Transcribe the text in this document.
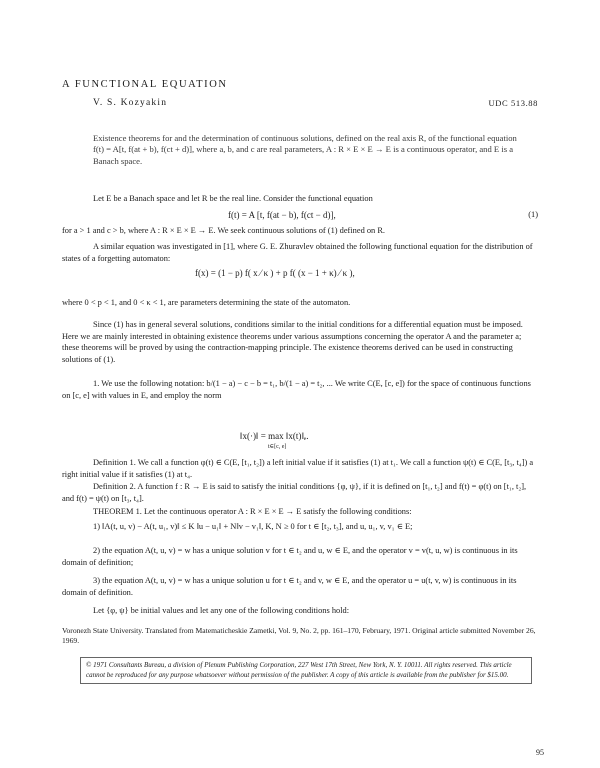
A FUNCTIONAL EQUATION
V. S. Kozyakin	UDC 513.88
Existence theorems for and the determination of continuous solutions, defined on the real axis R, of the functional equation f(t) = A[t, f(at + b), f(ct + d)], where a, b, and c are real parameters, A : R × E × E → E is a continuous operator, and E is a Banach space.
Let E be a Banach space and let R be the real line. Consider the functional equation
f(t) = A [t, f(at − b), f(ct − d)],	(1)
for a > 1 and c > b, where A : R × E × E → E. We seek continuous solutions of (1) defined on R.
A similar equation was investigated in [1], where G. E. Zhuravlev obtained the following functional equation for the distribution of states of a forgetting automaton:
f(x) = (1 − p) f( x ⁄ κ ) + p f( (x − 1 + κ) ⁄ κ ),
where 0 < p < 1, and 0 < κ < 1, are parameters determining the state of the automaton.
Since (1) has in general several solutions, conditions similar to the initial conditions for a differential equation must be imposed. Here we are mainly interested in obtaining existence theorems under various assumptions concerning the operator A and the parameter a; these theorems will be proved by using the contraction-mapping principle. The existence theorems derived can be used in constructing solutions of (1).
1. We use the following notation: b/(1 − a) − c − b = t₁, b/(1 − a) = t₂, ... We write C(E, [c, e]) for the space of continuous functions on [c, e] with values in E, and employ the norm
‖x(·)‖ = max ‖x(t)‖ₑ.
t∈[c, e]
Definition 1. We call a function φ(t) ∈ C(E, [t₁, t₂]) a left initial value if it satisfies (1) at t₁. We call a function ψ(t) ∈ C(E, [t₃, t₄]) a right initial value if it satisfies (1) at t₄.
Definition 2. A function f : R → E is said to satisfy the initial conditions {φ, ψ}, if it is defined on [t₁, t₂] and f(t) = φ(t) on [t₁, t₂], and f(t) = ψ(t) on [t₃, t₄].
THEOREM 1. Let the continuous operator A : R × E × E → E satisfy the following conditions:
1) ‖A(t, u, v) − A(t, u₁, v)‖ ≤ K ‖u − u₁‖ + N‖v − v₁‖, K, N ≥ 0 for t ∈ [t₂, t₃], and u, u₁, v, v₁ ∈ E;
2) the equation A(t, u, v) = w has a unique solution v for t ∈ t₂ and u, w ∈ E, and the operator v = v(t, u, w) is continuous in its domain of definition;
3) the equation A(t, u, v) = w has a unique solution u for t ∈ t₂ and v, w ∈ E, and the operator u = u(t, v, w) is continuous in its domain of definition.
Let {φ, ψ} be initial values and let any one of the following conditions hold:
Voronezh State University. Translated from Matematicheskie Zametki, Vol. 9, No. 2, pp. 161–170, February, 1971. Original article submitted November 26, 1969.
© 1971 Consultants Bureau, a division of Plenum Publishing Corporation, 227 West 17th Street, New York, N. Y. 10011. All rights reserved. This article cannot be reproduced for any purpose whatsoever without permission of the publisher. A copy of this article is available from the publisher for $15.00.
95
